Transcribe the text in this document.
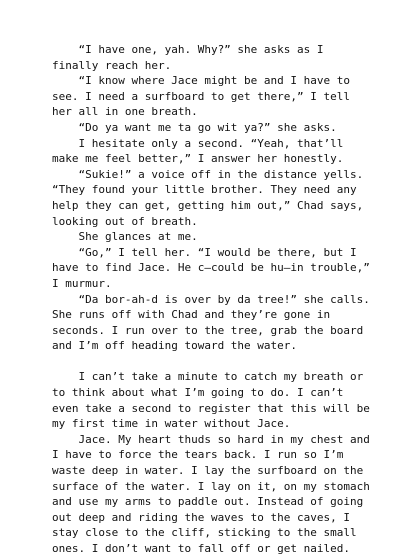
“I have one, yah. Why?” she asks as I
finally reach her.
“I know where Jace might be and I have to
see. I need a surfboard to get there,” I tell
her all in one breath.
“Do ya want me ta go wit ya?” she asks.
I hesitate only a second. “Yeah, that’ll
make me feel better,” I answer her honestly.
“Sukie!” a voice off in the distance yells.
“They found your little brother. They need any
help they can get, getting him out,” Chad says,
looking out of breath.
She glances at me.
“Go,” I tell her. “I would be there, but I
have to find Jace. He c—could be hu—in trouble,”
I murmur.
“Da bor-ah-d is over by da tree!” she calls.
She runs off with Chad and they’re gone in
seconds. I run over to the tree, grab the board
and I’m off heading toward the water.
I can’t take a minute to catch my breath or
to think about what I’m going to do. I can’t
even take a second to register that this will be
my first time in water without Jace.
Jace. My heart thuds so hard in my chest and
I have to force the tears back. I run so I’m
waste deep in water. I lay the surfboard on the
surface of the water. I lay on it, on my stomach
and use my arms to paddle out. Instead of going
out deep and riding the waves to the caves, I
stay close to the cliff, sticking to the small
ones. I don’t want to fall off or get nailed.
